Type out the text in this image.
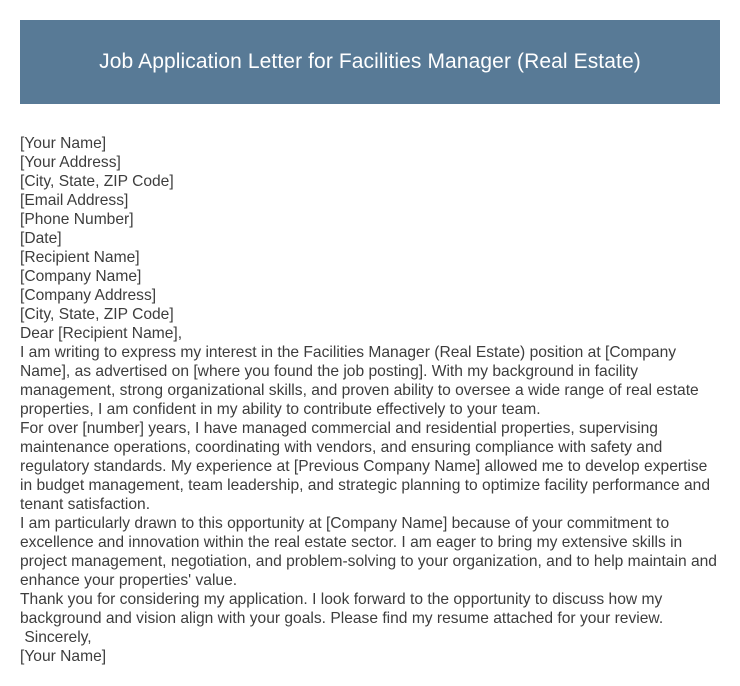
Job Application Letter for Facilities Manager (Real Estate)

[Your Name]

[Your Address]

[City, State, ZIP Code]

[Email Address]

[Phone Number]

[Date]

[Recipient Name]

[Company Name]

[Company Address]

[City, State, ZIP Code]

Dear [Recipient Name],

I am writing to express my interest in the Facilities Manager (Real Estate) position at [Company Name], as advertised on [where you found the job posting]. With my background in facility management, strong organizational skills, and proven ability to oversee a wide range of real estate properties, I am confident in my ability to contribute effectively to your team.

For over [number] years, I have managed commercial and residential properties, supervising maintenance operations, coordinating with vendors, and ensuring compliance with safety and regulatory standards. My experience at [Previous Company Name] allowed me to develop expertise in budget management, team leadership, and strategic planning to optimize facility performance and tenant satisfaction.

I am particularly drawn to this opportunity at [Company Name] because of your commitment to excellence and innovation within the real estate sector. I am eager to bring my extensive skills in project management, negotiation, and problem-solving to your organization, and to help maintain and enhance your properties' value.

Thank you for considering my application. I look forward to the opportunity to discuss how my background and vision align with your goals. Please find my resume attached for your review.

Sincerely,

[Your Name]
